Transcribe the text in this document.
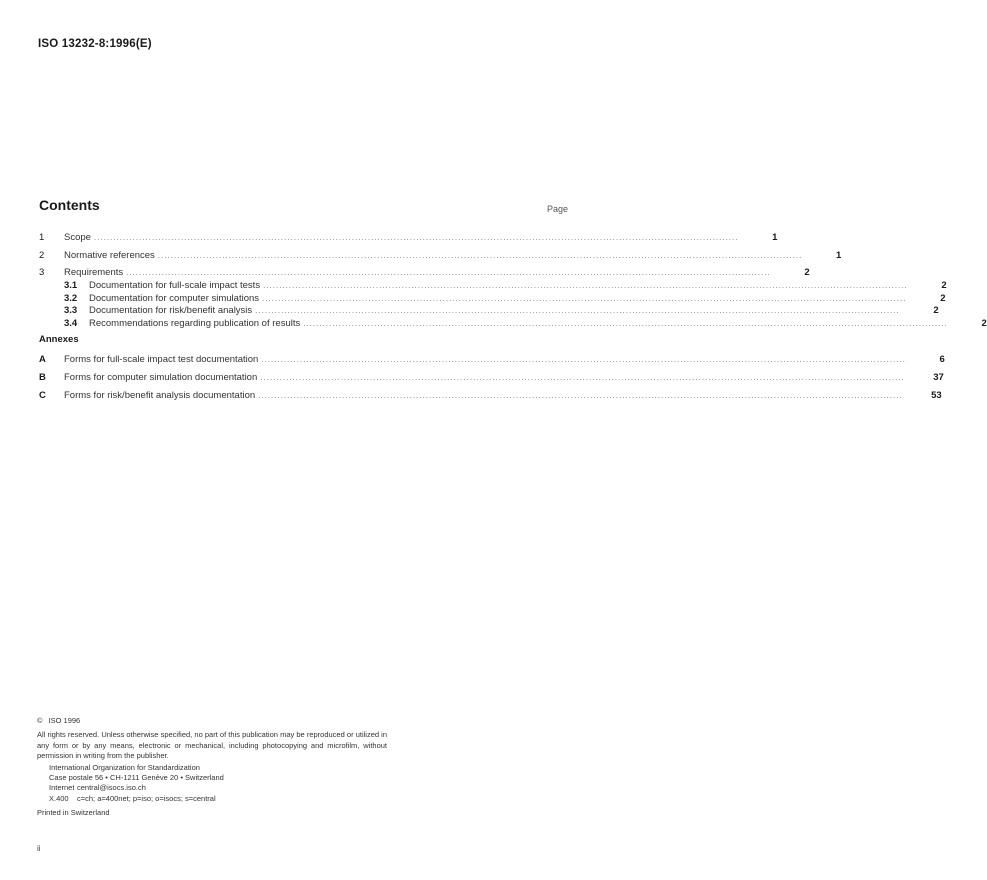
ISO 13232-8:1996(E)
Contents	Page
1	Scope ........................................................................................................................................................................................................	1
2	Normative references ........................................................................................................................................................................................................	1
3	Requirements ........................................................................................................................................................................................................	2
3.1	Documentation for full-scale impact tests ........................................................................................................................................................................................................	2
3.2	Documentation for computer simulations ........................................................................................................................................................................................................	2
3.3	Documentation for risk/benefit analysis ........................................................................................................................................................................................................	2
3.4	Recommendations regarding publication of results ........................................................................................................................................................................................................	2
Annexes
A	Forms for full-scale impact test documentation ........................................................................................................................................................................................................	6
B	Forms for computer simulation documentation ........................................................................................................................................................................................................	37
C	Forms for risk/benefit analysis documentation ........................................................................................................................................................................................................	53
© ISO 1996
All rights reserved. Unless otherwise specified, no part of this publication may be reproduced or utilized in any form or by any means, electronic or mechanical, including photocopying and microfilm, without permission in writing from the publisher.
International Organization for Standardization
Case postale 56 • CH-1211 Genève 20 • Switzerland
Internet central@isocs.iso.ch
X.400	c=ch; a=400net; p=iso; o=isocs; s=central
Printed in Switzerland
ii
